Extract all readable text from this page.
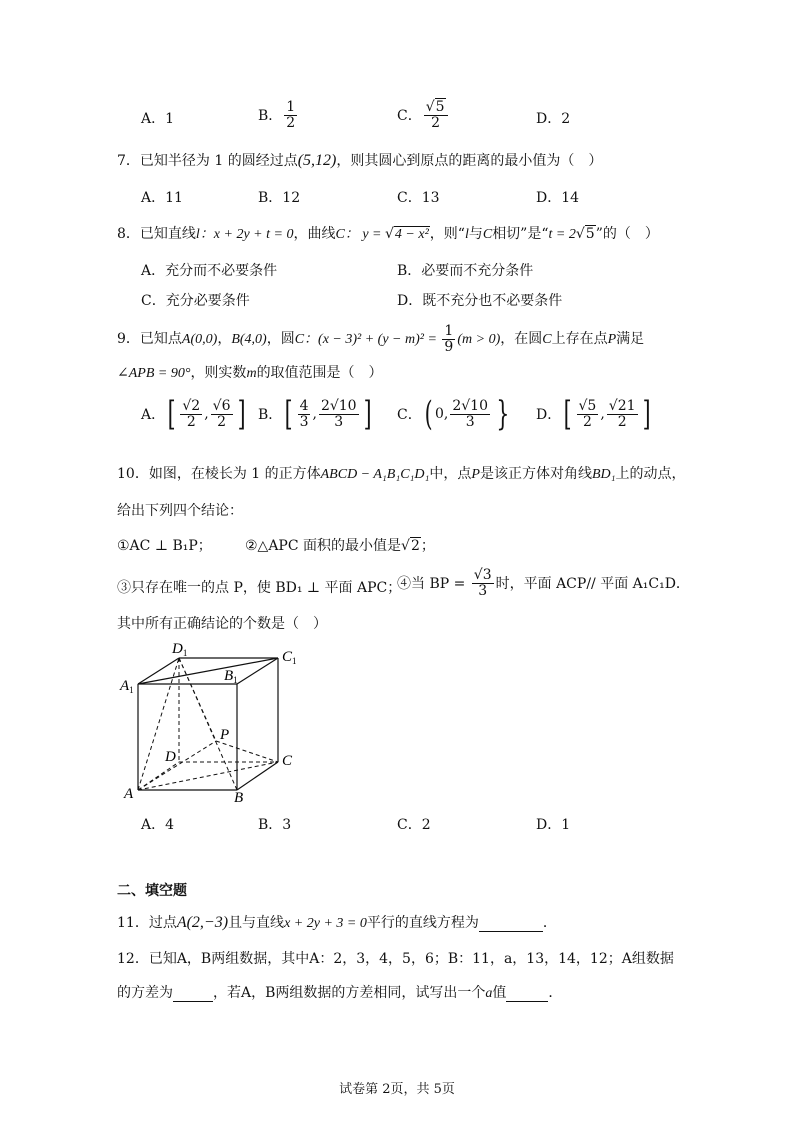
A．1	B． $\frac{1}{2}$	C． $\frac{√5}{2}$	D．2
7．已知半径为 1 的圆经过点(5,12)，则其圆心到原点的距离的最小值为（　）
A．11	B．12	C．13	D．14
8．已知直线l：x + 2y + t = 0，曲线C： y = √4 − x²，则“l与C相切”是“t = 2√5”的（　）
A．充分而不必要条件	B．必要而不充分条件
C．充分必要条件	D．既不充分也不必要条件
9．已知点A(0,0)，B(4,0)，圆C：$(x - 3)^2 + (y - m)^2 = \frac{1}{9} (m > 0)$，在圆C上存在点P满足
∠APB = 90°，则实数m的取值范围是（　）
A．[ $\frac{√2}{2}$ , $\frac{√6}{2}$ ] B．[ $\frac{4}{3}$ , $\frac{2√10}{3}$ ] C．( 0, $\frac{2√10}{3}$ }	D．[ $\frac{√5}{2}$ , $\frac{√21}{2}$ ]
10．如图，在棱长为 1 的正方体ABCD − A₁B₁C₁D₁中，点P是该正方体对角线BD₁上的动点，
给出下列四个结论：
①AC ⊥ B₁P； ②△APC 面积的最小值是√2；
③只存在唯一的点 P，使 BD₁ ⊥ 平面 APC；
④当 BP = $\frac{√3}{3}$ 时，平面 ACP// 平面 A₁C₁D．
其中所有正确结论的个数是（　）
A	B
C
D
P
$A_1$
$B_1$
$C_1$
$D_1$
A．4	B．3	C．2	D．1
二、填空题
11．过点A(2,−3)且与直线x + 2y + 3 = 0平行的直线方程为	．
12．已知A，B两组数据，其中A：2，3，4，5，6；B：11，a，13，14，12；A组数据
的方差为	，若A，B两组数据的方差相同，试写出一个a值	．
试卷第 2页，共 5页
